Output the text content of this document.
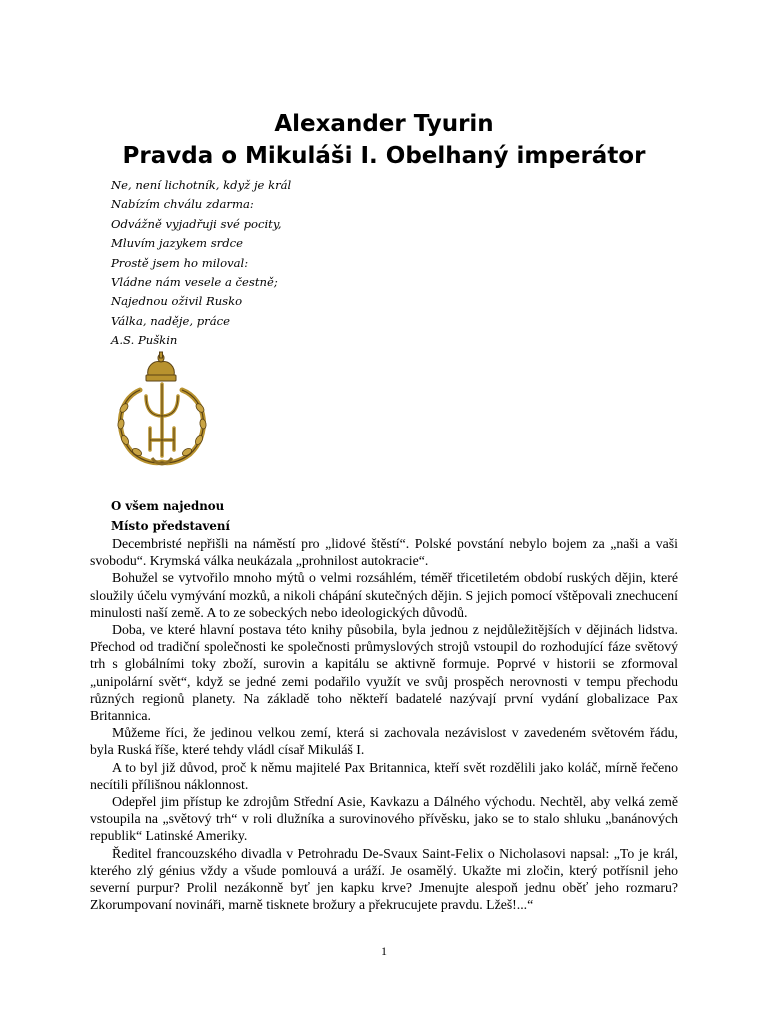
Alexander Tyurin
Pravda o Mikuláši I. Obelhaný imperátor
Ne, není lichotník, když je král
Nabízím chválu zdarma:
Odvážně vyjadřuji své pocity,
Mluvím jazykem srdce
Prostě jsem ho miloval:
Vládne nám vesele a čestně;
Najednou oživil Rusko
Válka, naděje, práce
A.S. Puškin
O všem najednou
Místo představení

Decembristé nepřišli na náměstí pro „lidové štěstí“. Polské povstání nebylo bojem za „naši a vaši svobodu“. Krymská válka neukázala „prohnilost autokracie“.

Bohužel se vytvořilo mnoho mýtů o velmi rozsáhlém, téměř třicetiletém období ruských dějin, které sloužily účelu vymývání mozků, a nikoli chápání skutečných dějin. S jejich pomocí vštěpovali znechucení minulosti naší země. A to ze sobeckých nebo ideologických důvodů.

Doba, ve které hlavní postava této knihy působila, byla jednou z nejdůležitějších v dějinách lidstva. Přechod od tradiční společnosti ke společnosti průmyslových strojů vstoupil do rozhodující fáze světový trh s globálními toky zboží, surovin a kapitálu se aktivně formuje. Poprvé v historii se zformoval „unipolární svět“, když se jedné zemi podařilo využít ve svůj prospěch nerovnosti v tempu přechodu různých regionů planety. Na základě toho někteří badatelé nazývají první vydání globalizace Pax Britannica.

Můžeme říci, že jedinou velkou zemí, která si zachovala nezávislost v zavedeném světovém řádu, byla Ruská říše, které tehdy vládl císař Mikuláš I.

A to byl již důvod, proč k němu majitelé Pax Britannica, kteří svět rozdělili jako koláč, mírně řečeno necítili přílišnou náklonnost.

Odepřel jim přístup ke zdrojům Střední Asie, Kavkazu a Dálného východu. Nechtěl, aby velká země vstoupila na „světový trh“ v roli dlužníka a surovinového přívěsku, jako se to stalo shluku „banánových republik“ Latinské Ameriky.

Ředitel francouzského divadla v Petrohradu De-Svaux Saint-Felix o Nicholasovi napsal: „To je král, kterého zlý génius vždy a všude pomlouvá a uráží. Je osamělý. Ukažte mi zločin, který potřísnil jeho severní purpur? Prolil nezákonně byť jen kapku krve? Jmenujte alespoň jednu oběť jeho rozmaru? Zkorumpovaní novináři, marně tisknete brožury a překrucujete pravdu. Lžeš!...“

1
